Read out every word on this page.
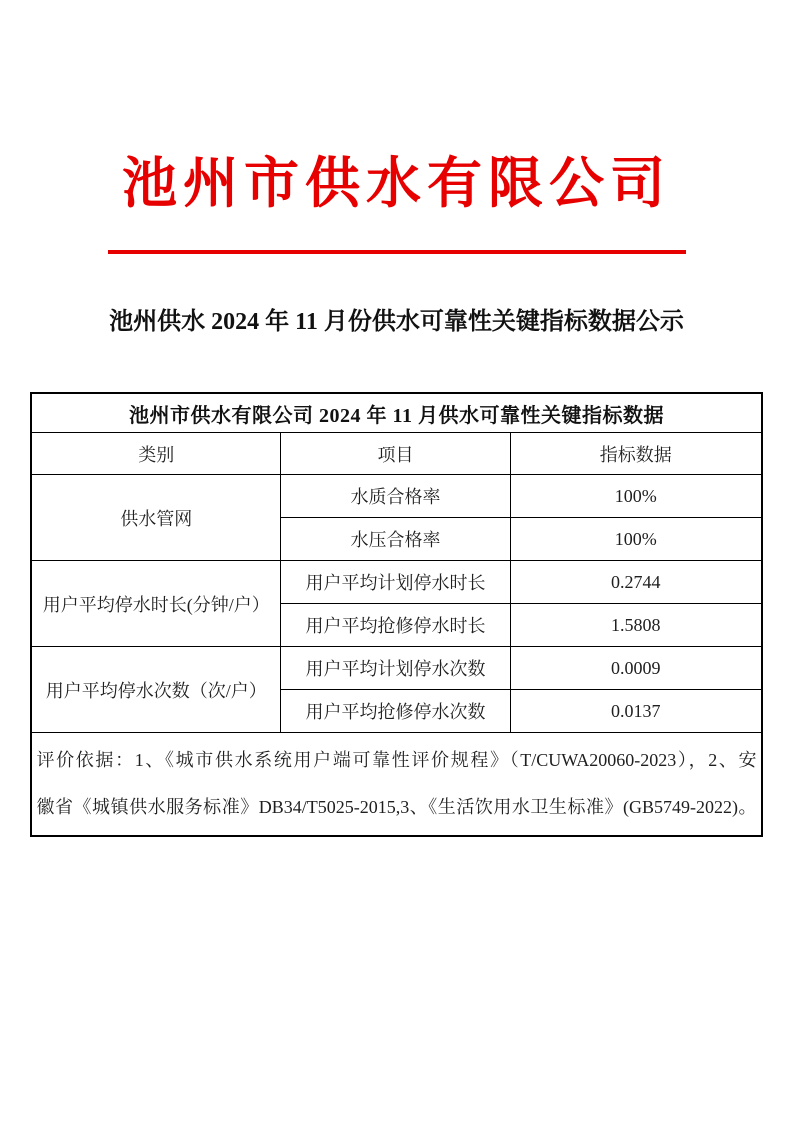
池州市供水有限公司
池州供水 2024 年 11 月份供水可靠性关键指标数据公示
池州市供水有限公司 2024 年 11 月供水可靠性关键指标数据		
类别	项目	指标数据
供水管网	水质合格率	100%
	水压合格率	100%
用户平均停水时长(分钟/户）	用户平均计划停水时长	0.2744
	用户平均抢修停水时长	1.5808
用户平均停水次数（次/户）	用户平均计划停水次数	0.0009
	用户平均抢修停水次数	0.0137

评价依据：1、《城市供水系统用户端可靠性评价规程》（T/CUWA20060-2023），2、安
徽省《城镇供水服务标准》DB34/T5025-2015,3、《生活饮用水卫生标准》(GB5749-2022)。		
